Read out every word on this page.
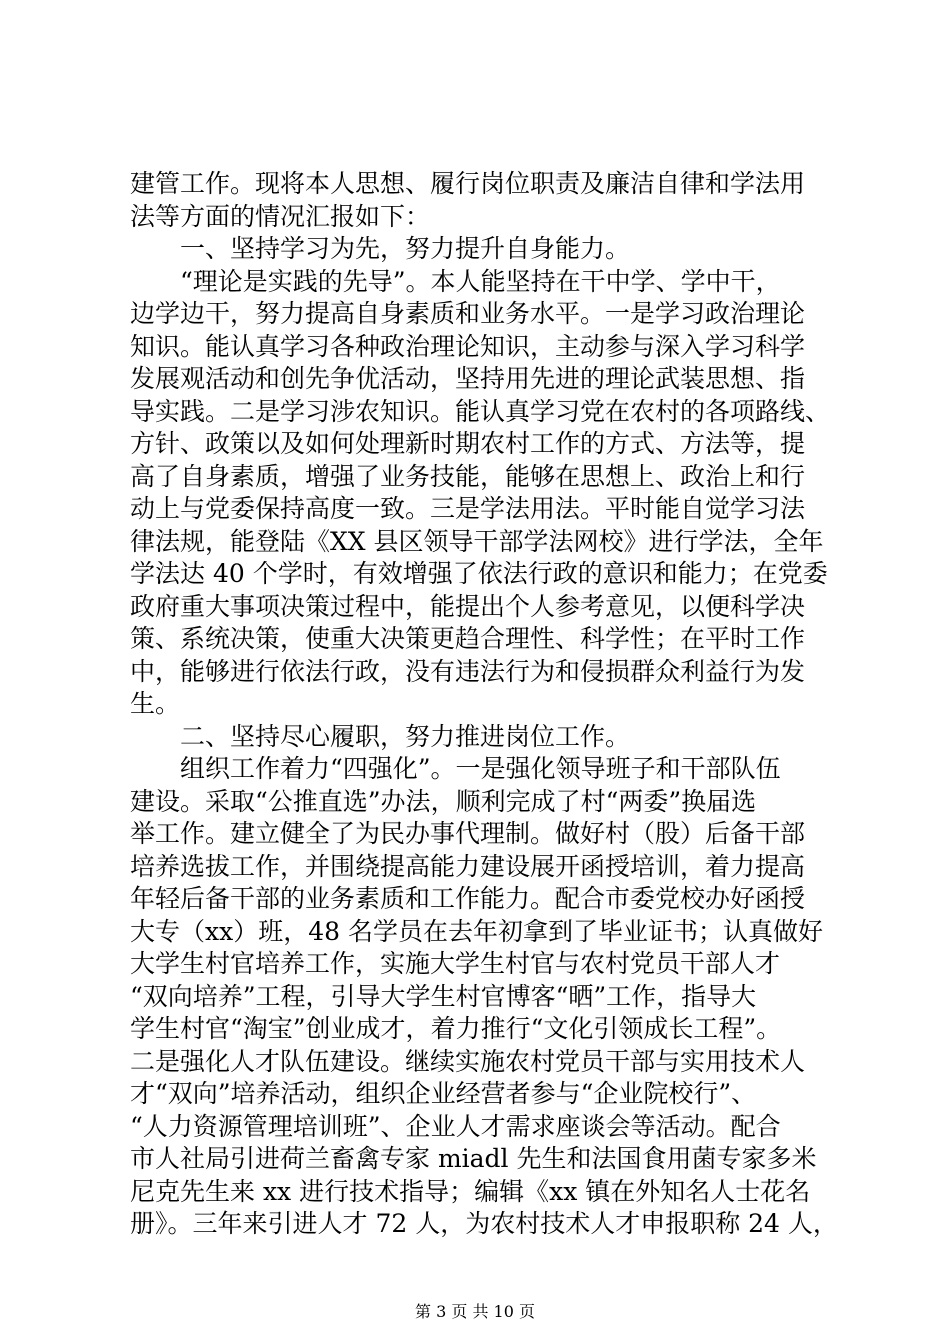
建管工作。现将本人思想、履行岗位职责及廉洁自律和学法用
法等方面的情况汇报如下：
一、坚持学习为先，努力提升自身能力。
“理论是实践的先导”。本人能坚持在干中学、学中干，
边学边干，努力提高自身素质和业务水平。一是学习政治理论
知识。能认真学习各种政治理论知识，主动参与深入学习科学
发展观活动和创先争优活动，坚持用先进的理论武装思想、指
导实践。二是学习涉农知识。能认真学习党在农村的各项路线、
方针、政策以及如何处理新时期农村工作的方式、方法等，提
高了自身素质，增强了业务技能，能够在思想上、政治上和行
动上与党委保持高度一致。三是学法用法。平时能自觉学习法
律法规，能登陆《XX 县区领导干部学法网校》进行学法，全年
学法达 40 个学时，有效增强了依法行政的意识和能力；在党委
政府重大事项决策过程中，能提出个人参考意见，以便科学决
策、系统决策，使重大决策更趋合理性、科学性；在平时工作
中，能够进行依法行政，没有违法行为和侵损群众利益行为发
生。
二、坚持尽心履职，努力推进岗位工作。
组织工作着力“四强化”。一是强化领导班子和干部队伍
建设。采取“公推直选”办法，顺利完成了村“两委”换届选
举工作。建立健全了为民办事代理制。做好村（股）后备干部
培养选拔工作，并围绕提高能力建设展开函授培训，着力提高
年轻后备干部的业务素质和工作能力。配合市委党校办好函授
大专（xx）班，48 名学员在去年初拿到了毕业证书；认真做好
大学生村官培养工作，实施大学生村官与农村党员干部人才
“双向培养”工程，引导大学生村官博客“晒”工作，指导大
学生村官“淘宝”创业成才，着力推行“文化引领成长工程”。
二是强化人才队伍建设。继续实施农村党员干部与实用技术人
才“双向”培养活动，组织企业经营者参与“企业院校行”、
“人力资源管理培训班”、企业人才需求座谈会等活动。配合
市人社局引进荷兰畜禽专家 miadl 先生和法国食用菌专家多米
尼克先生来 xx 进行技术指导；编辑《xx 镇在外知名人士花名
册》。三年来引进人才 72 人，为农村技术人才申报职称 24 人，
第 3 页 共 10 页
